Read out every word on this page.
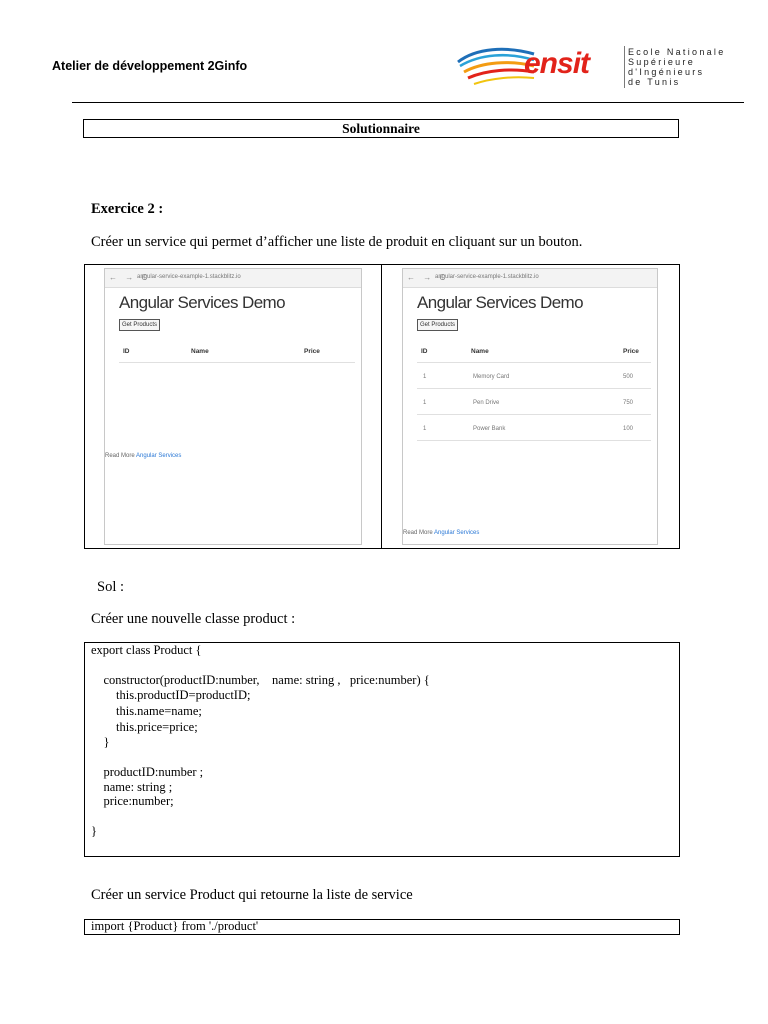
Atelier de développement 2Ginfo	ensit	Ecole Nationale
Supérieure
d'Ingénieurs
de Tunis
Solutionnaire
Exercice 2 :
Créer un service qui permet d’afficher une liste de produit en cliquant sur un bouton.
← → C
angular-service-example-1.stackblitz.io
Angular Services Demo
Get Products
ID	Name	Price
Read More Angular Services
← → C
angular-service-example-1.stackblitz.io
Angular Services Demo
Get Products
ID	Name	Price
1	Memory Card	500
1	Pen Drive	750
1	Power Bank	100
Read More Angular Services
Sol :
Créer une nouvelle classe product :
export class Product {
constructor(productID:number,    name: string ,   price:number) {
this.productID=productID;
this.name=name;
this.price=price;
}
productID:number ;
name: string ;
price:number;
}
Créer un service Product qui retourne la liste de service
import {Product} from './product'
